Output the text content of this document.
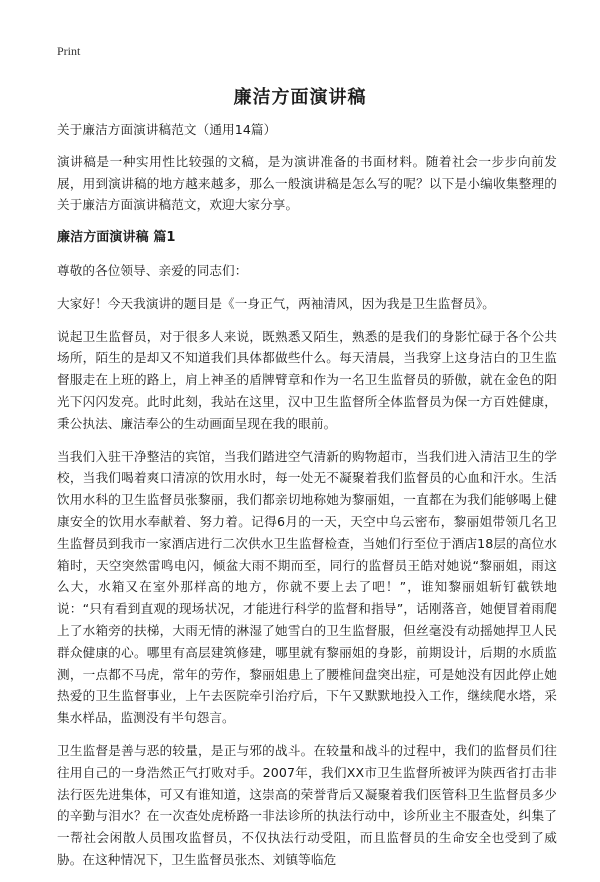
Print
廉洁方面演讲稿

关于廉洁方面演讲稿范文（通用14篇）

演讲稿是一种实用性比较强的文稿，是为演讲准备的书面材料。随着社会一步步向前发展，用到演讲稿的地方越来越多，那么一般演讲稿是怎么写的呢？以下是小编收集整理的关于廉洁方面演讲稿范文，欢迎大家分享。

廉洁方面演讲稿 篇1

尊敬的各位领导、亲爱的同志们：

大家好！今天我演讲的题目是《一身正气，两袖清风，因为我是卫生监督员》。

说起卫生监督员，对于很多人来说，既熟悉又陌生，熟悉的是我们的身影忙碌于各个公共场所，陌生的是却又不知道我们具体都做些什么。每天清晨，当我穿上这身洁白的卫生监督服走在上班的路上，肩上神圣的盾牌臂章和作为一名卫生监督员的骄傲，就在金色的阳光下闪闪发亮。此时此刻，我站在这里，汉中卫生监督所全体监督员为保一方百姓健康，秉公执法、廉洁奉公的生动画面呈现在我的眼前。

当我们入驻干净整洁的宾馆，当我们踏进空气清新的购物超市，当我们进入清洁卫生的学校，当我们喝着爽口清凉的饮用水时，每一处无不凝聚着我们监督员的心血和汗水。生活饮用水科的卫生监督员张黎丽，我们都亲切地称她为黎丽姐，一直都在为我们能够喝上健康安全的饮用水奉献着、努力着。记得6月的一天，天空中乌云密布，黎丽姐带领几名卫生监督员到我市一家酒店进行二次供水卫生监督检查，当她们行至位于酒店18层的高位水箱时，天空突然雷鸣电闪，倾盆大雨不期而至，同行的监督员王皓对她说“黎丽姐，雨这么大，水箱又在室外那样高的地方，你就不要上去了吧！”，谁知黎丽姐斩钉截铁地说：“只有看到直观的现场状况，才能进行科学的监督和指导”，话刚落音，她便冒着雨爬上了水箱旁的扶梯，大雨无情的淋湿了她雪白的卫生监督服，但丝毫没有动摇她捍卫人民群众健康的心。哪里有高层建筑修建，哪里就有黎丽姐的身影，前期设计，后期的水质监测，一点都不马虎，常年的劳作，黎丽姐患上了腰椎间盘突出症，可是她没有因此停止她热爱的卫生监督事业，上午去医院牵引治疗后，下午又默默地投入工作，继续爬水塔，采集水样品，监测没有半句怨言。

卫生监督是善与恶的较量，是正与邪的战斗。在较量和战斗的过程中，我们的监督员们往往用自己的一身浩然正气打败对手。2007年，我们XX市卫生监督所被评为陕西省打击非法行医先进集体，可又有谁知道，这崇高的荣誉背后又凝聚着我们医管科卫生监督员多少的辛勤与泪水？在一次查处虎桥路一非法诊所的执法行动中，诊所业主不服查处，纠集了一帮社会闲散人员围攻监督员，不仅执法行动受阻，而且监督员的生命安全也受到了威胁。在这种情况下，卫生监督员张杰、刘镇等临危
